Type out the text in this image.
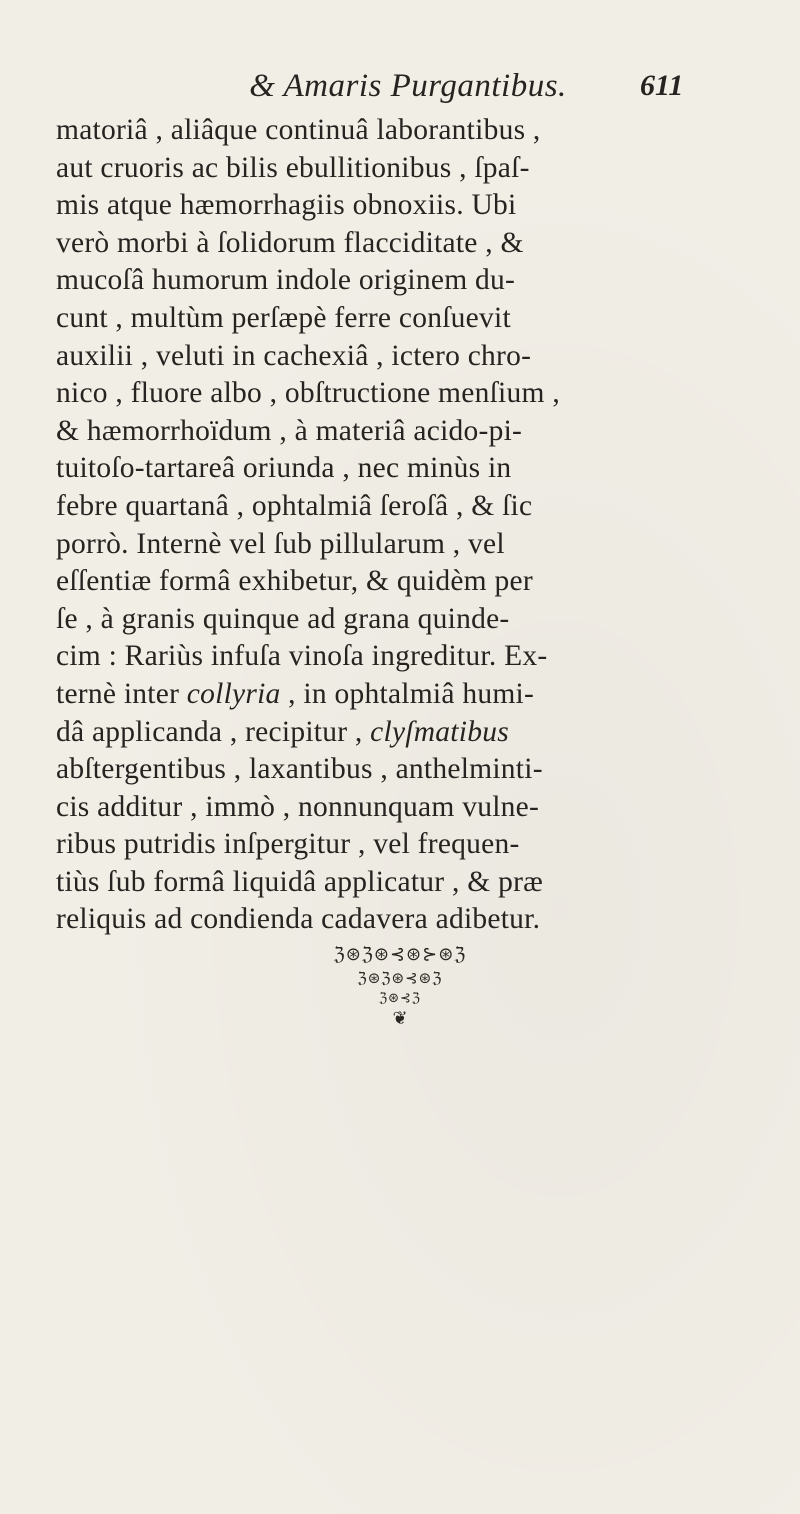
& Amaris Purgantibus.	611
matoriâ , aliâque continuâ laborantibus ,
aut cruoris ac bilis ebullitionibus , ſpaſ-
mis atque hæmorrhagiis obnoxiis. Ubi
verò morbi à ſolidorum flacciditate , &
mucoſâ humorum indole originem du-
cunt , multùm perſæpè ferre conſuevit
auxilii , veluti in cachexiâ , ictero chro-
nico , fluore albo , obſtructione menſium ,
& hæmorrhoïdum , à materiâ acido-pi-
tuitoſo-tartareâ oriunda , nec minùs in
febre quartanâ , ophtalmiâ ſeroſâ , & ſic
porrò. Internè vel ſub pillularum , vel
eſſentiæ formâ exhibetur, & quidèm per
ſe , à granis quinque ad grana quinde-
cim : Rariùs infuſa vinoſa ingreditur. Ex-
ternè inter collyria , in ophtalmiâ humi-
dâ applicanda , recipitur , clyſmatibus
abſtergentibus , laxantibus , anthelminti-
cis additur , immò , nonnunquam vulne-
ribus putridis inſpergitur , vel frequen-
tiùs ſub formâ liquidâ applicatur , & præ
reliquis ad condienda cadavera adibetur.
ℨ⊛ℨ⊛⊰⊛⊱⊛ℨ
ℨ⊛ℨ⊛⊰⊛ℨ
ℨ⊛⊰ℨ
❦
